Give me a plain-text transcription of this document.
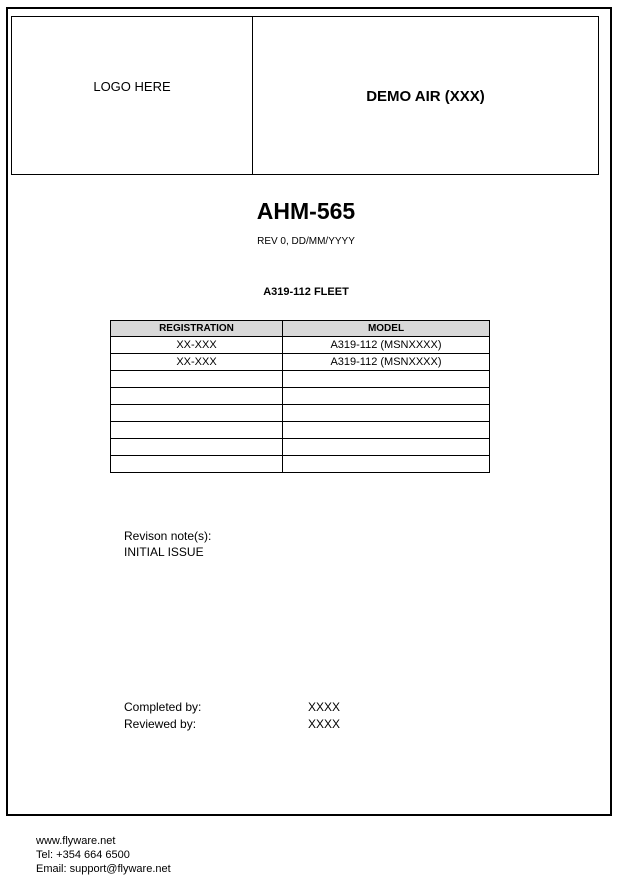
LOGO HERE
DEMO AIR (XXX)
AHM-565
REV 0, DD/MM/YYYY
A319-112 FLEET
REGISTRATION	MODEL
XX-XXX	A319-112 (MSNXXXX)
XX-XXX	A319-112 (MSNXXXX)

Revison note(s):
INITIAL ISSUE
Completed by:	XXXX
Reviewed by:	XXXX
www.flyware.net
Tel: +354 664 6500
Email: support@flyware.net
